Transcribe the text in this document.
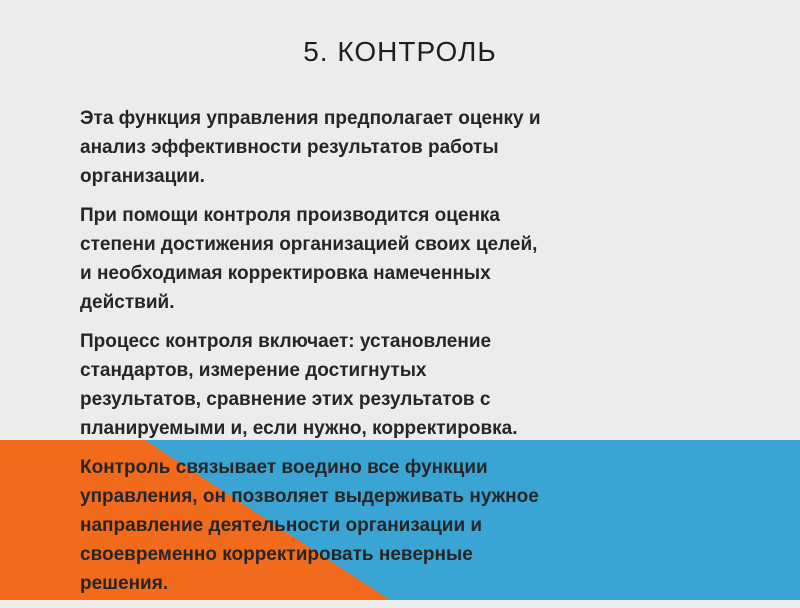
5. КОНТРОЛЬ

Эта функция управления предполагает оценку и
анализ эффективности результатов работы
организации.

При помощи контроля производится оценка
степени достижения организацией своих целей,
и необходимая корректировка намеченных
действий.

Процесс контроля включает: установление
стандартов, измерение достигнутых
результатов, сравнение этих результатов с
планируемыми и, если нужно, корректировка.

Контроль связывает воедино все функции
управления, он позволяет выдерживать нужное
направление деятельности организации и
своевременно корректировать неверные
решения.
